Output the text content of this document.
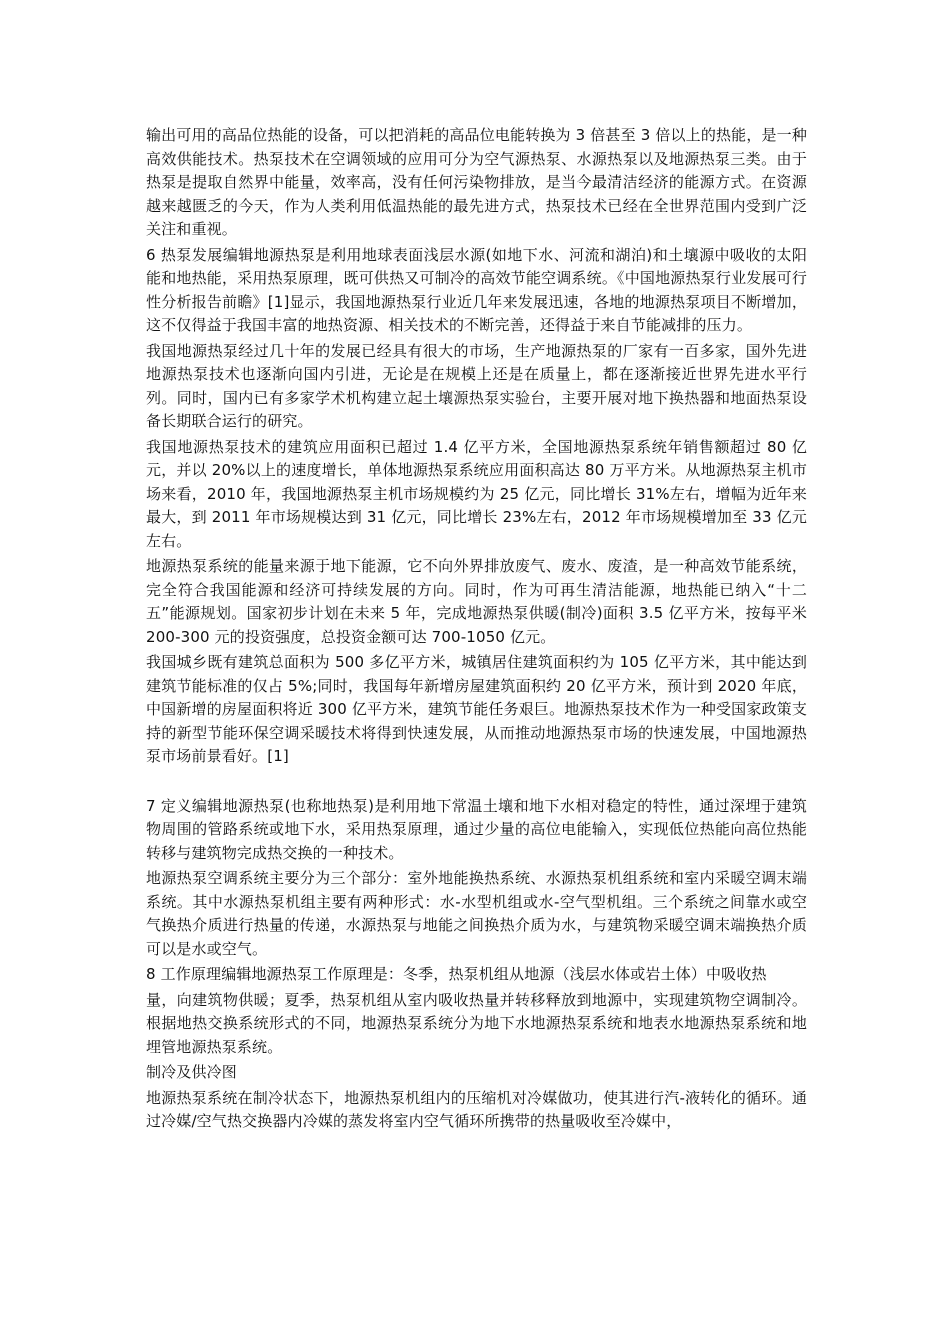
输出可用的高品位热能的设备，可以把消耗的高品位电能转换为 3 倍甚至 3 倍以上的热能，是一种高效供能技术。热泵技术在空调领域的应用可分为空气源热泵、水源热泵以及地源热泵三类。由于热泵是提取自然界中能量，效率高，没有任何污染物排放，是当今最清洁经济的能源方式。在资源越来越匮乏的今天，作为人类利用低温热能的最先进方式，热泵技术已经在全世界范围内受到广泛关注和重视。

6 热泵发展编辑地源热泵是利用地球表面浅层水源(如地下水、河流和湖泊)和土壤源中吸收的太阳能和地热能，采用热泵原理，既可供热又可制冷的高效节能空调系统。《中国地源热泵行业发展可行性分析报告前瞻》[1]显示，我国地源热泵行业近几年来发展迅速，各地的地源热泵项目不断增加，这不仅得益于我国丰富的地热资源、相关技术的不断完善，还得益于来自节能减排的压力。

我国地源热泵经过几十年的发展已经具有很大的市场，生产地源热泵的厂家有一百多家，国外先进地源热泵技术也逐渐向国内引进，无论是在规模上还是在质量上，都在逐渐接近世界先进水平行列。同时，国内已有多家学术机构建立起土壤源热泵实验台，主要开展对地下换热器和地面热泵设备长期联合运行的研究。

我国地源热泵技术的建筑应用面积已超过 1.4 亿平方米，全国地源热泵系统年销售额超过 80 亿元，并以 20%以上的速度增长，单体地源热泵系统应用面积高达 80 万平方米。从地源热泵主机市场来看，2010 年，我国地源热泵主机市场规模约为 25 亿元，同比增长 31%左右，增幅为近年来最大，到 2011 年市场规模达到 31 亿元，同比增长 23%左右，2012 年市场规模增加至 33 亿元左右。

地源热泵系统的能量来源于地下能源，它不向外界排放废气、废水、废渣，是一种高效节能系统，完全符合我国能源和经济可持续发展的方向。同时，作为可再生清洁能源，地热能已纳入“十二五”能源规划。国家初步计划在未来 5 年，完成地源热泵供暖(制冷)面积 3.5 亿平方米，按每平米 200-300 元的投资强度，总投资金额可达 700-1050 亿元。

我国城乡既有建筑总面积为 500 多亿平方米，城镇居住建筑面积约为 105 亿平方米，其中能达到建筑节能标准的仅占 5%;同时，我国每年新增房屋建筑面积约 20 亿平方米，预计到 2020 年底，中国新增的房屋面积将近 300 亿平方米，建筑节能任务艰巨。地源热泵技术作为一种受国家政策支持的新型节能环保空调采暖技术将得到快速发展，从而推动地源热泵市场的快速发展，中国地源热泵市场前景看好。[1]

7 定义编辑地源热泵(也称地热泵)是利用地下常温土壤和地下水相对稳定的特性，通过深埋于建筑物周围的管路系统或地下水，采用热泵原理，通过少量的高位电能输入，实现低位热能向高位热能转移与建筑物完成热交换的一种技术。

地源热泵空调系统主要分为三个部分：室外地能换热系统、水源热泵机组系统和室内采暖空调末端系统。其中水源热泵机组主要有两种形式：水-水型机组或水-空气型机组。三个系统之间靠水或空气换热介质进行热量的传递，水源热泵与地能之间换热介质为水，与建筑物采暖空调末端换热介质可以是水或空气。

8 工作原理编辑地源热泵工作原理是：冬季，热泵机组从地源（浅层水体或岩土体）中吸收热

量，向建筑物供暖；夏季，热泵机组从室内吸收热量并转移释放到地源中，实现建筑物空调制冷。根据地热交换系统形式的不同，地源热泵系统分为地下水地源热泵系统和地表水地源热泵系统和地埋管地源热泵系统。

制冷及供冷图

地源热泵系统在制冷状态下，地源热泵机组内的压缩机对冷媒做功，使其进行汽-液转化的循环。通过冷媒/空气热交换器内冷媒的蒸发将室内空气循环所携带的热量吸收至冷媒中，
